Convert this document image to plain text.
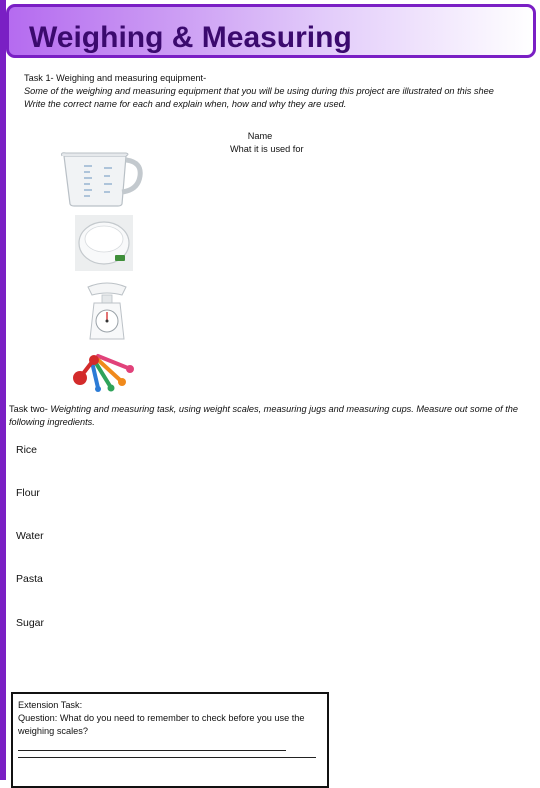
Weighing & Measuring
Task 1- Weighing and measuring equipment-
Some of the weighing and measuring equipment that you will be using during this project are illustrated on this shee
Write the correct name for each and explain when, how and why they are used.
Name
What it is used for
Task two- Weighting and measuring task, using weight scales, measuring jugs and measuring cups. Measure out some of the following ingredients.
Rice
Flour
Water
Pasta
Sugar
Extension Task:
Question: What do you need to remember to check before you use the weighing scales?
